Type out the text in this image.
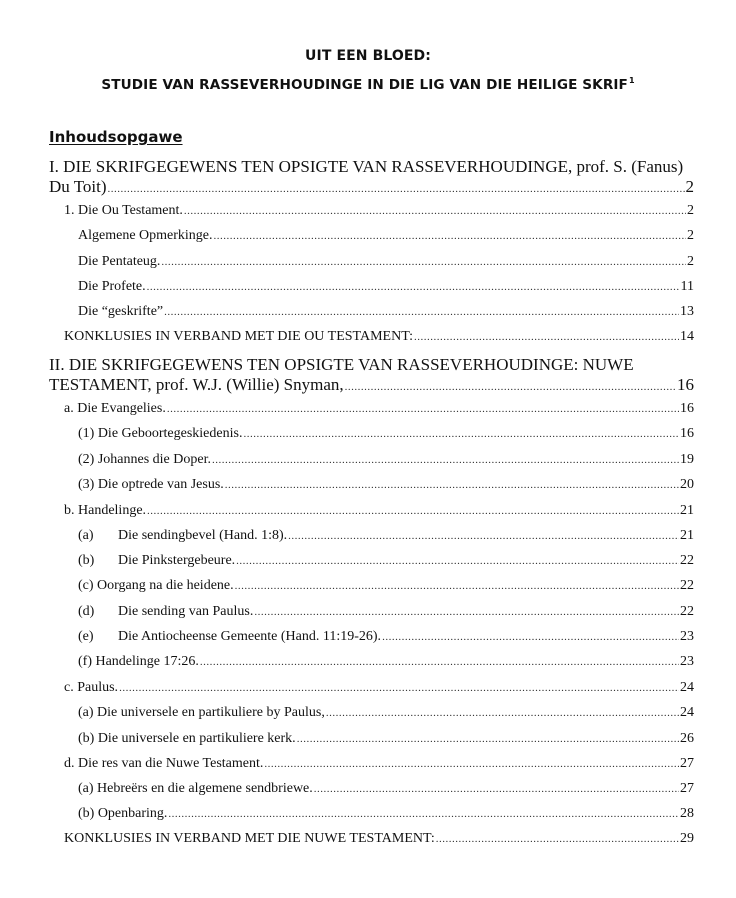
UIT EEN BLOED:
STUDIE VAN RASSEVERHOUDINGE IN DIE LIG VAN DIE HEILIGE SKRIF$^1$
Inhoudsopgawe
I. DIE SKRIFGEGEWENS TEN OPSIGTE VAN RASSEVERHOUDINGE, prof. S. (Fanus)
Du Toit) .....	2
1. Die Ou Testament. .....	2
Algemene Opmerkinge. .....	2
Die Pentateug. .....	2
Die Profete. .....	11
Die “geskrifte” .....	13
KONKLUSIES IN VERBAND MET DIE OU TESTAMENT: .....	14
II. DIE SKRIFGEGEWENS TEN OPSIGTE VAN RASSEVERHOUDINGE: NUWE
TESTAMENT, prof. W.J. (Willie) Snyman, .....	16
a. Die Evangelies. .....	16
(1) Die Geboortegeskiedenis. .....	16
(2) Johannes die Doper. .....	19
(3) Die optrede van Jesus. .....	20
b. Handelinge. .....	21
(a) Die sendingbevel (Hand. 1:8). .....	21
(b) Die Pinkstergebeure. .....	22
(c) Oorgang na die heidene. .....	22
(d) Die sending van Paulus. .....	22
(e) Die Antiocheense Gemeente (Hand. 11:19-26). .....	23
(f) Handelinge 17:26. .....	23
c. Paulus. .....	24
(a) Die universele en partikuliere by Paulus, .....	24
(b) Die universele en partikuliere kerk. .....	26
d. Die res van die Nuwe Testament. .....	27
(a) Hebreërs en die algemene sendbriewe. .....	27
(b) Openbaring. .....	28
KONKLUSIES IN VERBAND MET DIE NUWE TESTAMENT: .....	29
